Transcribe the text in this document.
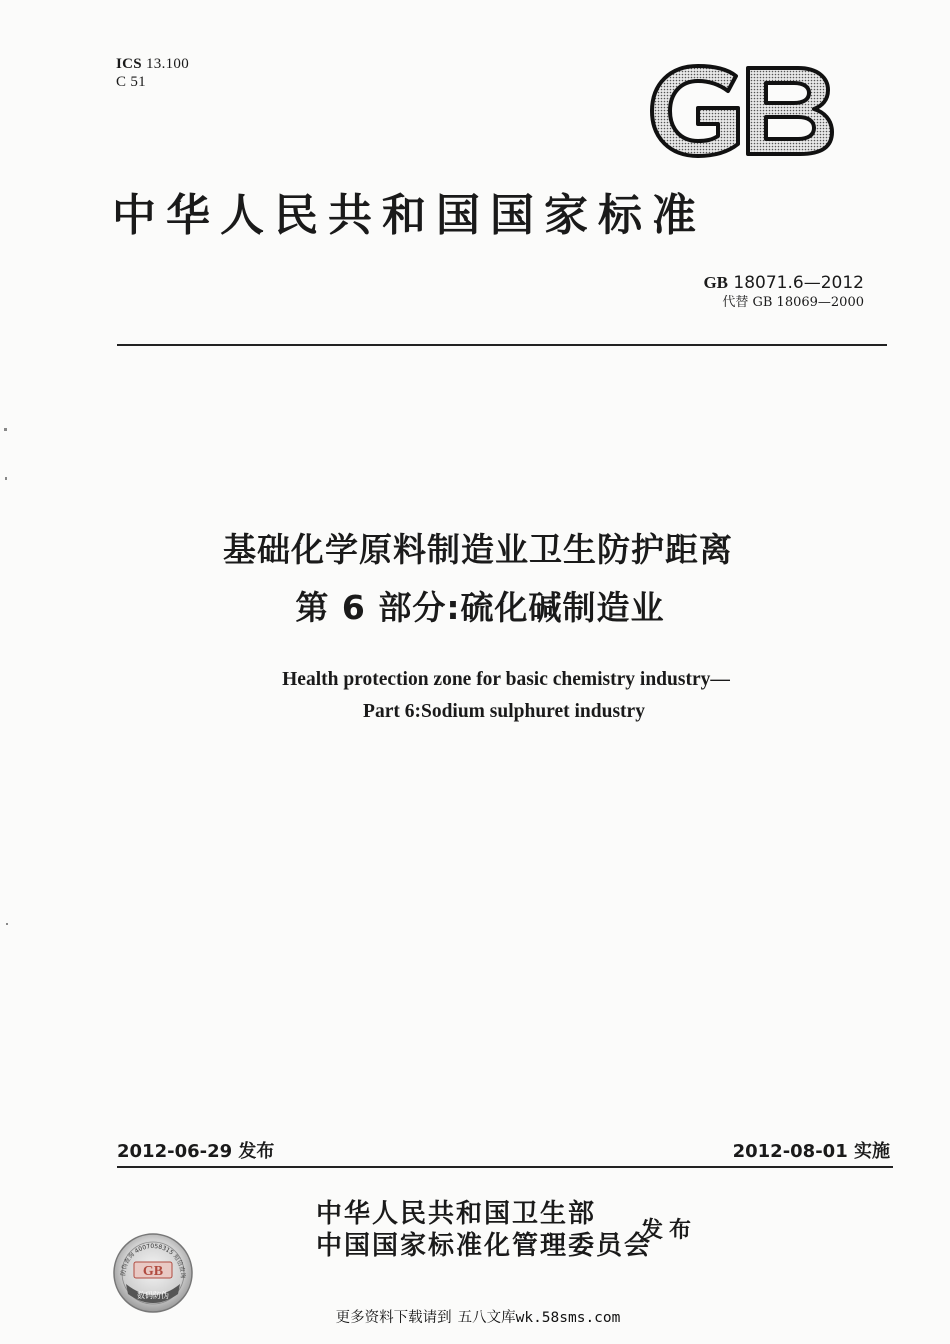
ICS 13.100
C 51
中华人民共和国国家标准
GB 18071.6—2012
代替 GB 18069—2000
基础化学原料制造业卫生防护距离
第 6 部分:硫化碱制造业
Health protection zone for basic chemistry industry—
Part 6:Sodium sulphuret industry
2012-06-29 发布	2012-08-01 实施
中华人民共和国卫生部
中国国家标准化管理委员会
发布
防伪查询 4007058315 短信查询
GB
数码防伪
更多资料下载请到 五八文库wk.58sms.com
